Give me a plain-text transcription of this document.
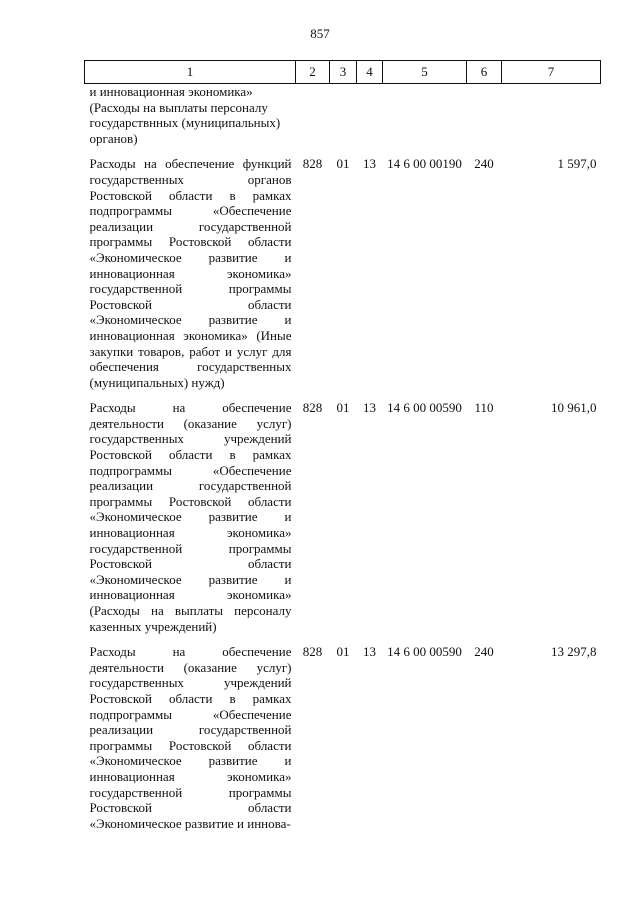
857
1	2	3	4	5	6	7
и инновационная экономика» (Расходы на выплаты персоналу государствнных (муниципальных) органов)						
Расходы на обеспечение функций государственных органов Ростовской области в рамках подпрограммы «Обеспечение реализации государственной программы Ростовской области «Экономическое развитие и инновационная экономика» государственной программы Ростовской области «Экономическое развитие и инновационная экономика» (Иные закупки товаров, работ и услуг для обеспечения государственных (муниципальных) нужд)	828	01	13	14 6 00 00190	240	1 597,0
Расходы на обеспечение деятельности (оказание услуг) государственных учреждений Ростовской области в рамках подпрограммы «Обеспечение реализации государственной программы Ростовской области «Экономическое развитие и инновационная экономика» государственной программы Ростовской области «Экономическое развитие и инновационная экономика» (Расходы на выплаты персоналу казенных учреждений)	828	01	13	14 6 00 00590	110	10 961,0
Расходы на обеспечение деятельности (оказание услуг) государственных учреждений Ростовской области в рамках подпрограммы «Обеспечение реализации государственной программы Ростовской области «Экономическое развитие и инновационная экономика» государственной программы Ростовской области «Экономическое развитие и иннова-	828	01	13	14 6 00 00590	240	13 297,8
